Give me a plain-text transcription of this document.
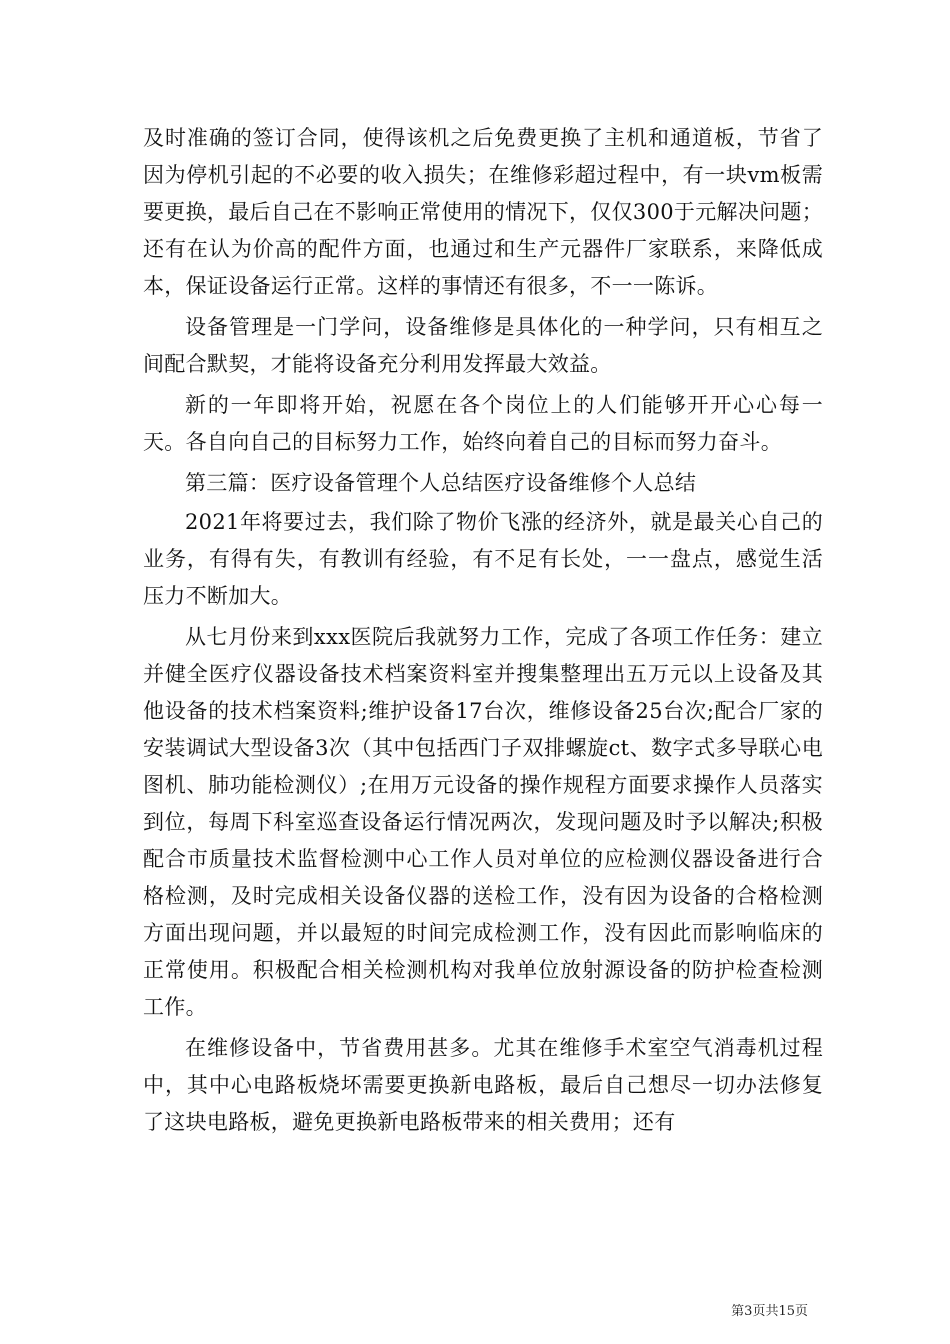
及时准确的签订合同，使得该机之后免费更换了主机和通道板，节省了因为停机引起的不必要的收入损失；在维修彩超过程中，有一块vm板需要更换，最后自己在不影响正常使用的情况下，仅仅300于元解决问题；还有在认为价高的配件方面，也通过和生产元器件厂家联系，来降低成本，保证设备运行正常。这样的事情还有很多，不一一陈诉。

设备管理是一门学问，设备维修是具体化的一种学问，只有相互之间配合默契，才能将设备充分利用发挥最大效益。

新的一年即将开始，祝愿在各个岗位上的人们能够开开心心每一天。各自向自己的目标努力工作，始终向着自己的目标而努力奋斗。

第三篇：医疗设备管理个人总结医疗设备维修个人总结

2021年将要过去，我们除了物价飞涨的经济外，就是最关心自己的业务，有得有失，有教训有经验，有不足有长处，一一盘点，感觉生活压力不断加大。

从七月份来到xxx医院后我就努力工作，完成了各项工作任务：建立并健全医疗仪器设备技术档案资料室并搜集整理出五万元以上设备及其他设备的技术档案资料;维护设备17台次，维修设备25台次;配合厂家的安装调试大型设备3次（其中包括西门子双排螺旋ct、数字式多导联心电图机、肺功能检测仪）;在用万元设备的操作规程方面要求操作人员落实到位，每周下科室巡查设备运行情况两次，发现问题及时予以解决;积极配合市质量技术监督检测中心工作人员对单位的应检测仪器设备进行合格检测，及时完成相关设备仪器的送检工作，没有因为设备的合格检测方面出现问题，并以最短的时间完成检测工作，没有因此而影响临床的正常使用。积极配合相关检测机构对我单位放射源设备的防护检查检测工作。

在维修设备中，节省费用甚多。尤其在维修手术室空气消毒机过程中，其中心电路板烧坏需要更换新电路板，最后自己想尽一切办法修复了这块电路板，避免更换新电路板带来的相关费用；还有

第3页共15页
